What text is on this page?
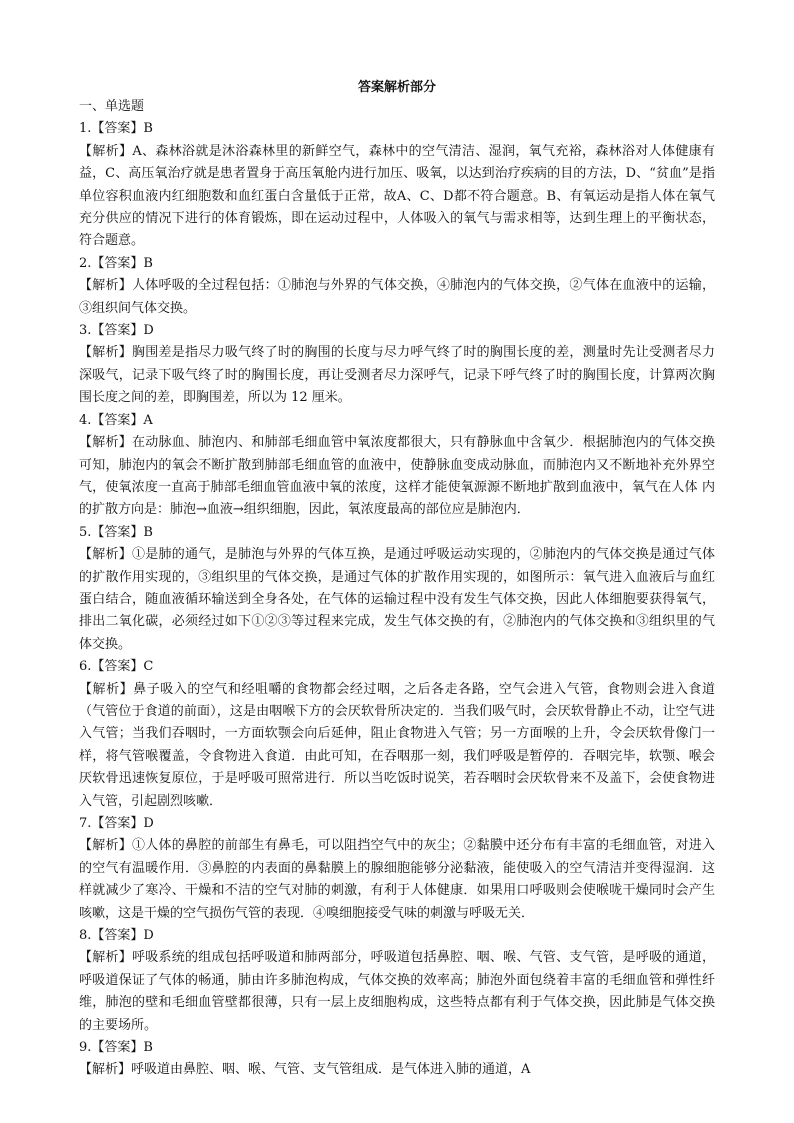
答案解析部分

一、单选题

1.【答案】B

【解析】A、森林浴就是沐浴森林里的新鲜空气，森林中的空气清洁、湿润，氧气充裕，森林浴对人体健康有益，C、高压氧治疗就是患者置身于高压氧舱内进行加压、吸氧，以达到治疗疾病的目的方法，D、“贫血”是指单位容积血液内红细胞数和血红蛋白含量低于正常，故A、C、D都不符合题意。B、有氧运动是指人体在氧气充分供应的情况下进行的体育锻炼，即在运动过程中，人体吸入的氧气与需求相等，达到生理上的平衡状态，符合题意。

2.【答案】B

【解析】人体呼吸的全过程包括：①肺泡与外界的气体交换，④肺泡内的气体交换，②气体在血液中的运输，③组织间气体交换。

3.【答案】D

【解析】胸围差是指尽力吸气终了时的胸围的长度与尽力呼气终了时的胸围长度的差，测量时先让受测者尽力深吸气，记录下吸气终了时的胸围长度，再让受测者尽力深呼气，记录下呼气终了时的胸围长度，计算两次胸围长度之间的差，即胸围差，所以为 12 厘米。

4.【答案】A

【解析】在动脉血、肺泡内、和肺部毛细血管中氧浓度都很大，只有静脉血中含氧少．根据肺泡内的气体交换可知，肺泡内的氧会不断扩散到肺部毛细血管的血液中，使静脉血变成动脉血，而肺泡内又不断地补充外界空气，使氧浓度一直高于肺部毛细血管血液中氧的浓度，这样才能使氧源源不断地扩散到血液中，氧气在人体 内的扩散方向是：肺泡→血液→组织细胞，因此，氧浓度最高的部位应是肺泡内．

5.【答案】B

【解析】①是肺的通气，是肺泡与外界的气体互换，是通过呼吸运动实现的，②肺泡内的气体交换是通过气体的扩散作用实现的，③组织里的气体交换，是通过气体的扩散作用实现的，如图所示：氧气进入血液后与血红蛋白结合，随血液循环输送到全身各处，在气体的运输过程中没有发生气体交换，因此人体细胞要获得氧气，排出二氧化碳，必须经过如下①②③等过程来完成，发生气体交换的有，②肺泡内的气体交换和③组织里的气体交换。

6.【答案】C

【解析】鼻子吸入的空气和经咀嚼的食物都会经过咽，之后各走各路，空气会进入气管，食物则会进入食道（气管位于食道的前面），这是由咽喉下方的会厌软骨所决定的．当我们吸气时，会厌软骨静止不动，让空气进入气管；当我们吞咽时，一方面软颚会向后延伸，阻止食物进入气管；另一方面喉的上升，令会厌软骨像门一样，将气管喉覆盖，令食物进入食道．由此可知，在吞咽那一刻，我们呼吸是暂停的．吞咽完毕，软颚、喉会厌软骨迅速恢复原位，于是呼吸可照常进行．所以当吃饭时说笑，若吞咽时会厌软骨来不及盖下，会使食物进入气管，引起剧烈咳嗽．

7.【答案】D

【解析】①人体的鼻腔的前部生有鼻毛，可以阻挡空气中的灰尘；②黏膜中还分布有丰富的毛细血管，对进入的空气有温暖作用．③鼻腔的内表面的鼻黏膜上的腺细胞能够分泌黏液，能使吸入的空气清洁并变得湿润．这样就减少了寒冷、干燥和不洁的空气对肺的刺激，有利于人体健康．如果用口呼吸则会使喉咙干燥同时会产生咳嗽，这是干燥的空气损伤气管的表现．④嗅细胞接受气味的刺激与呼吸无关．

8.【答案】D

【解析】呼吸系统的组成包括呼吸道和肺两部分，呼吸道包括鼻腔、咽、喉、气管、支气管，是呼吸的通道，呼吸道保证了气体的畅通，肺由许多肺泡构成，气体交换的效率高；肺泡外面包绕着丰富的毛细血管和弹性纤维，肺泡的壁和毛细血管壁都很薄，只有一层上皮细胞构成，这些特点都有利于气体交换，因此肺是气体交换的主要场所。

9.【答案】B

【解析】呼吸道由鼻腔、咽、喉、气管、支气管组成．是气体进入肺的通道，A
